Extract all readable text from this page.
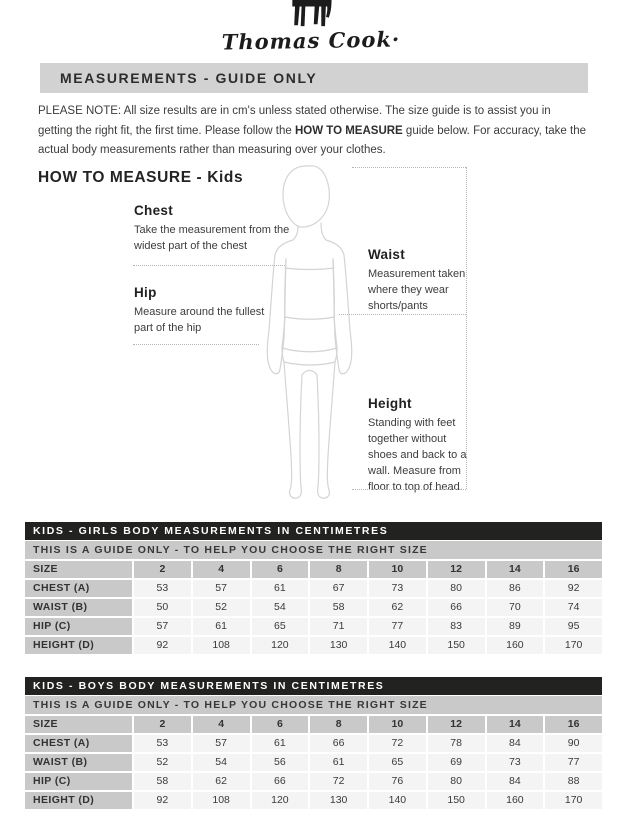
Thomas Cook·
MEASUREMENTS - GUIDE ONLY

PLEASE NOTE: All size results are in cm's unless stated otherwise. The size guide is to assist you in getting the right fit, the first time. Please follow the HOW TO MEASURE guide below. For accuracy, take the actual body measurements rather than measuring over your clothes.

HOW TO MEASURE - Kids
Chest

Take the measurement from the widest part of the chest

Hip

Measure around the fullest part of the hip

Waist

Measurement taken where they wear shorts/pants

Height

Standing with feet together without shoes and back to a wall. Measure from floor to top of head.

KIDS - GIRLS BODY MEASUREMENTS IN CENTIMETRES
THIS IS A GUIDE ONLY - TO HELP YOU CHOOSE THE RIGHT SIZE
SIZE	2	4	6	8	10	12	14	16
CHEST (A)	53	57	61	67	73	80	86	92
WAIST (B)	50	52	54	58	62	66	70	74
HIP (C)	57	61	65	71	77	83	89	95
HEIGHT (D)	92	108	120	130	140	150	160	170
KIDS - BOYS BODY MEASUREMENTS IN CENTIMETRES
THIS IS A GUIDE ONLY - TO HELP YOU CHOOSE THE RIGHT SIZE
SIZE	2	4	6	8	10	12	14	16
CHEST (A)	53	57	61	66	72	78	84	90
WAIST (B)	52	54	56	61	65	69	73	77
HIP (C)	58	62	66	72	76	80	84	88
HEIGHT (D)	92	108	120	130	140	150	160	170
